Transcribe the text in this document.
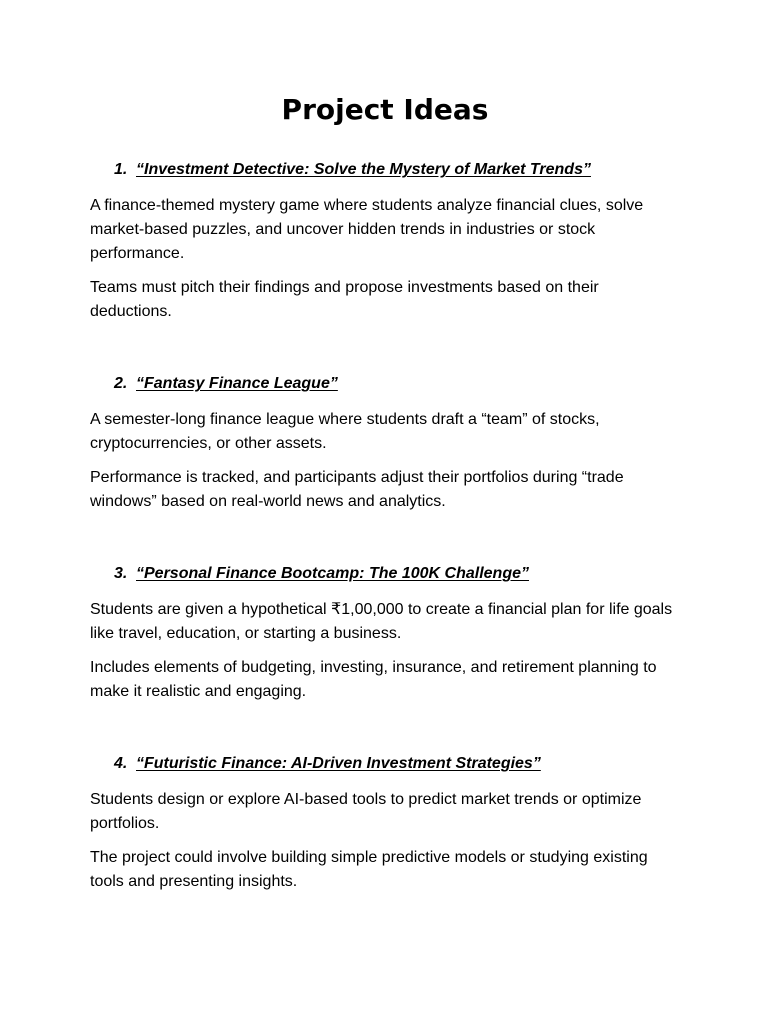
Project Ideas
1. “Investment Detective: Solve the Mystery of Market Trends”

A finance-themed mystery game where students analyze financial clues, solve market-based puzzles, and uncover hidden trends in industries or stock performance.

Teams must pitch their findings and propose investments based on their deductions.

2. “Fantasy Finance League”

A semester-long finance league where students draft a “team” of stocks, cryptocurrencies, or other assets.

Performance is tracked, and participants adjust their portfolios during “trade windows” based on real-world news and analytics.

3. “Personal Finance Bootcamp: The 100K Challenge”

Students are given a hypothetical ₹1,00,000 to create a financial plan for life goals like travel, education, or starting a business.

Includes elements of budgeting, investing, insurance, and retirement planning to make it realistic and engaging.

4. “Futuristic Finance: AI-Driven Investment Strategies”

Students design or explore AI-based tools to predict market trends or optimize portfolios.

The project could involve building simple predictive models or studying existing tools and presenting insights.
